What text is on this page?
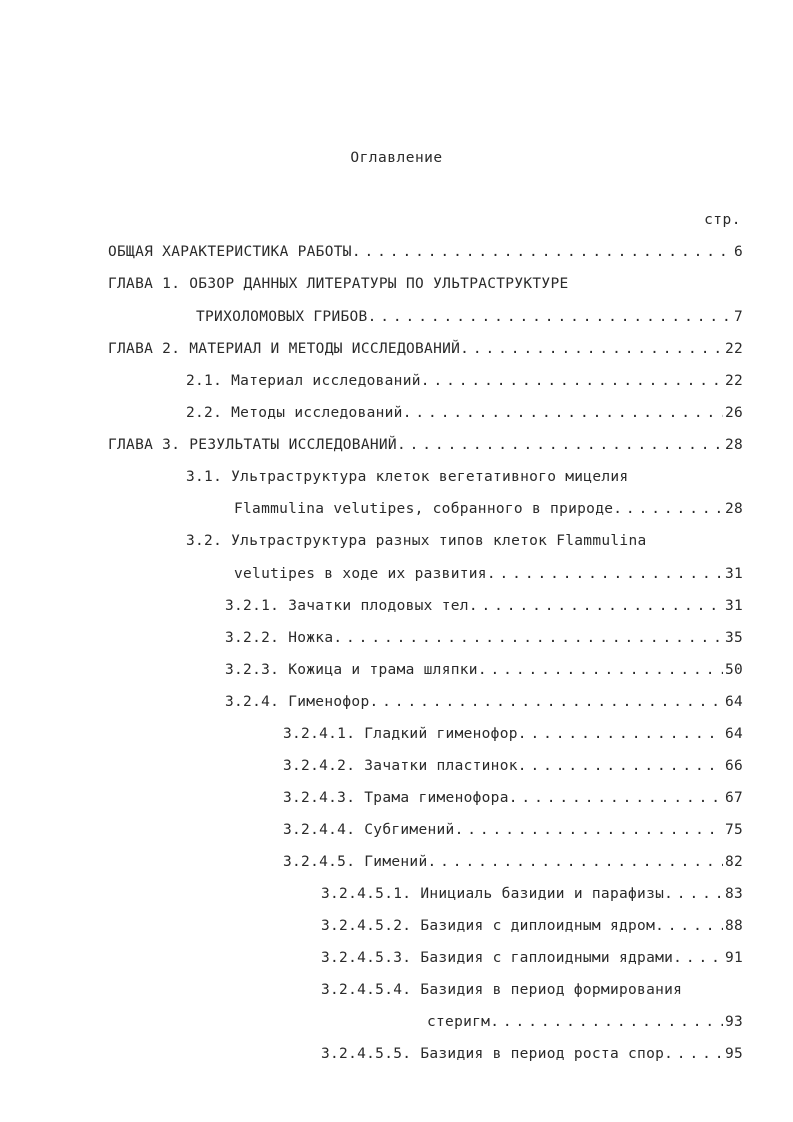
Оглавление
стр.
ОБЩАЯ ХАРАКТЕРИСТИКА РАБОТЫ . . .	6
ГЛАВА 1. ОБЗОР ДАННЫХ ЛИТЕРАТУРЫ ПО УЛЬТРАСТРУКТУРЕ
ТРИХОЛОМОВЫХ ГРИБОВ . . .	7
ГЛАВА 2. МАТЕРИАЛ И МЕТОДЫ ИССЛЕДОВАНИЙ . . .	22
2.1. Материал исследований . . .	22
2.2. Методы исследований . . .	26
ГЛАВА 3. РЕЗУЛЬТАТЫ ИССЛЕДОВАНИЙ . . .	28
3.1. Ультраструктура клеток вегетативного мицелия
Flammulina velutipes, собранного в природе . . .	28
3.2. Ультраструктура разных типов клеток Flammulina
velutipes в ходе их развития . . .	31
3.2.1. Зачатки плодовых тел . . .	31
3.2.2. Ножка . . .	35
3.2.3. Кожица и трама шляпки . . .	50
3.2.4. Гименофор . . .	64
3.2.4.1. Гладкий гименофор . . .	64
3.2.4.2. Зачатки пластинок . . .	66
3.2.4.3. Трама гименофора . . .	67
3.2.4.4. Субгимений . . .	75
3.2.4.5. Гимений . . .	82
3.2.4.5.1. Инициаль базидии и парафизы . . .	83
3.2.4.5.2. Базидия с диплоидным ядром . . .	88
3.2.4.5.3. Базидия с гаплоидными ядрами . . .	91
3.2.4.5.4. Базидия в период формирования
стеригм . . .	93
3.2.4.5.5. Базидия в период роста спор . . .	95
